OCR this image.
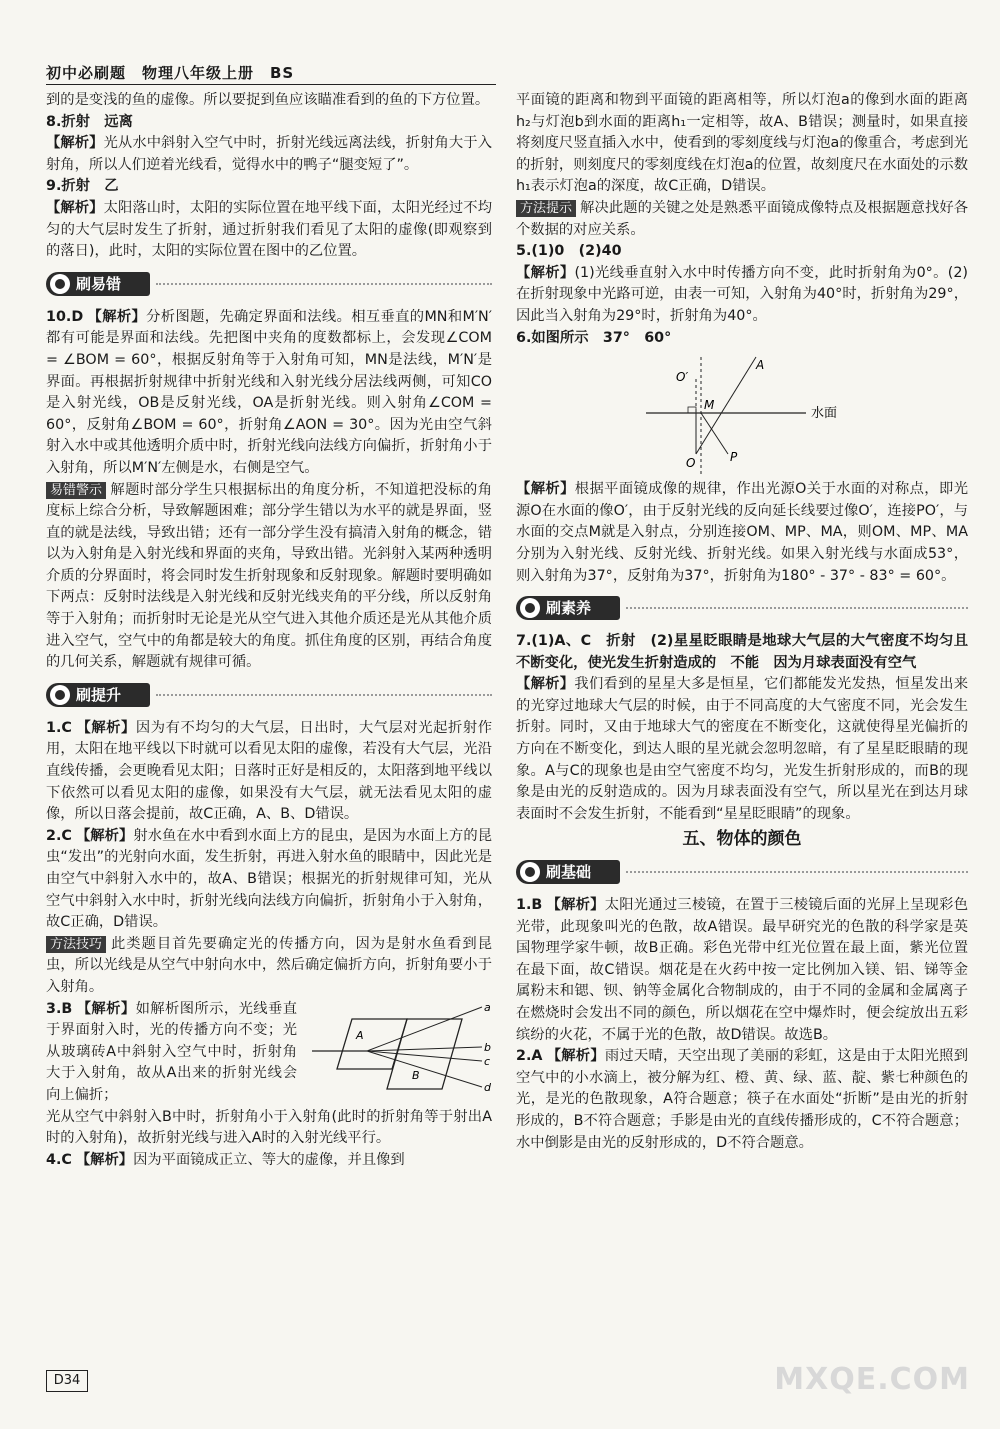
初中必刷题　物理八年级上册　BS

到的是变浅的鱼的虚像。所以要捉到鱼应该瞄准看到的鱼的下方位置。

8.折射　远离

【解析】光从水中斜射入空气中时，折射光线远离法线，折射角大于入射角，所以人们逆着光线看，觉得水中的鸭子“腿变短了”。

9.折射　乙

【解析】太阳落山时，太阳的实际位置在地平线下面，太阳光经过不均匀的大气层时发生了折射，通过折射我们看见了太阳的虚像(即观察到的落日)，此时，太阳的实际位置在图中的乙位置。

刷易错

10.D 【解析】分析图题，先确定界面和法线。相互垂直的MN和M′N′都有可能是界面和法线。先把图中夹角的度数都标上，会发现∠COM = ∠BOM = 60°，根据反射角等于入射角可知，MN是法线，M′N′是界面。再根据折射规律中折射光线和入射光线分居法线两侧，可知CO是入射光线，OB是反射光线，OA是折射光线。则入射角∠COM = 60°，反射角∠BOM = 60°，折射角∠AON = 30°。因为光由空气斜射入水中或其他透明介质中时，折射光线向法线方向偏折，折射角小于入射角，所以M′N′左侧是水，右侧是空气。

易错警示 解题时部分学生只根据标出的角度分析，不知道把没标的角度标上综合分析，导致解题困难；部分学生错以为水平的就是界面，竖直的就是法线，导致出错；还有一部分学生没有搞清入射角的概念，错以为入射角是入射光线和界面的夹角，导致出错。光斜射入某两种透明介质的分界面时，将会同时发生折射现象和反射现象。解题时要明确如下两点：反射时法线是入射光线和反射光线夹角的平分线，所以反射角等于入射角；而折射时无论是光从空气进入其他介质还是光从其他介质进入空气，空气中的角都是较大的角度。抓住角度的区别，再结合角度的几何关系，解题就有规律可循。

刷提升

1.C 【解析】因为有不均匀的大气层，日出时，大气层对光起折射作用，太阳在地平线以下时就可以看见太阳的虚像，若没有大气层，光沿直线传播，会更晚看见太阳；日落时正好是相反的，太阳落到地平线以下依然可以看见太阳的虚像，如果没有大气层，就无法看见太阳的虚像，所以日落会提前，故C正确，A、B、D错误。

2.C 【解析】射水鱼在水中看到水面上方的昆虫，是因为水面上方的昆虫“发出”的光射向水面，发生折射，再进入射水鱼的眼睛中，因此光是由空气中斜射入水中的，故A、B错误；根据光的折射规律可知，光从空气中斜射入水中时，折射光线向法线方向偏折，折射角小于入射角，故C正确，D错误。

方法技巧 此类题目首先要确定光的传播方向，因为是射水鱼看到昆虫，所以光线是从空气中射向水中，然后确定偏折方向，折射角要小于入射角。

3.B 【解析】如解析图所示，光线垂直于界面射入时，光的传播方向不变；光从玻璃砖A中斜射入空气中时，折射角大于入射角，故从A出来的折射光线会向上偏折；

A
B
a
b
c
d

光从空气中斜射入B中时，折射角小于入射角(此时的折射角等于射出A时的入射角)，故折射光线与进入A时的入射光线平行。

4.C 【解析】因为平面镜成正立、等大的虚像，并且像到

平面镜的距离和物到平面镜的距离相等，所以灯泡a的像到水面的距离h₂与灯泡b到水面的距离h₁一定相等，故A、B错误；测量时，如果直接将刻度尺竖直插入水中，使看到的零刻度线与灯泡a的像重合，考虑到光的折射，则刻度尺的零刻度线在灯泡a的位置，故刻度尺在水面处的示数h₁表示灯泡a的深度，故C正确，D错误。

方法提示 解决此题的关键之处是熟悉平面镜成像特点及根据题意找好各个数据的对应关系。

5.(1)0　(2)40

【解析】(1)光线垂直射入水中时传播方向不变，此时折射角为0°。(2)在折射现象中光路可逆，由表一可知，入射角为40°时，折射角为29°，因此当入射角为29°时，折射角为40°。

6.如图所示　37°　60°

O′
A
M
水面
O	P

【解析】根据平面镜成像的规律，作出光源O关于水面的对称点，即光源O在水面的像O′，由于反射光线的反向延长线要过像O′，连接PO′，与水面的交点M就是入射点，分别连接OM、MP、MA，则OM、MP、MA分别为入射光线、反射光线、折射光线。如果入射光线与水面成53°，则入射角为37°，反射角为37°，折射角为180° - 37° - 83° = 60°。

刷素养

7.(1)A、C　折射　(2)星星眨眼睛是地球大气层的大气密度不均匀且不断变化，使光发生折射造成的　不能　因为月球表面没有空气

【解析】我们看到的星星大多是恒星，它们都能发光发热，恒星发出来的光穿过地球大气层的时候，由于不同高度的大气密度不同，光会发生折射。同时，又由于地球大气的密度在不断变化，这就使得星光偏折的方向在不断变化，到达人眼的星光就会忽明忽暗，有了星星眨眼睛的现象。A与C的现象也是由空气密度不均匀，光发生折射形成的，而B的现象是由光的反射造成的。因为月球表面没有空气，所以星光在到达月球表面时不会发生折射，不能看到“星星眨眼睛”的现象。

五、物体的颜色
刷基础

1.B 【解析】太阳光通过三棱镜，在置于三棱镜后面的光屏上呈现彩色光带，此现象叫光的色散，故A错误。最早研究光的色散的科学家是英国物理学家牛顿，故B正确。彩色光带中红光位置在最上面，紫光位置在最下面，故C错误。烟花是在火药中按一定比例加入镁、铝、锑等金属粉末和锶、钡、钠等金属化合物制成的，由于不同的金属和金属离子在燃烧时会发出不同的颜色，所以烟花在空中爆炸时，便会绽放出五彩缤纷的火花，不属于光的色散，故D错误。故选B。

2.A 【解析】雨过天晴，天空出现了美丽的彩虹，这是由于太阳光照到空气中的小水滴上，被分解为红、橙、黄、绿、蓝、靛、紫七种颜色的光，是光的色散现象，A符合题意；筷子在水面处“折断”是由光的折射形成的，B不符合题意；手影是由光的直线传播形成的，C不符合题意；水中倒影是由光的反射形成的，D不符合题意。

D34	MXQE.COM
